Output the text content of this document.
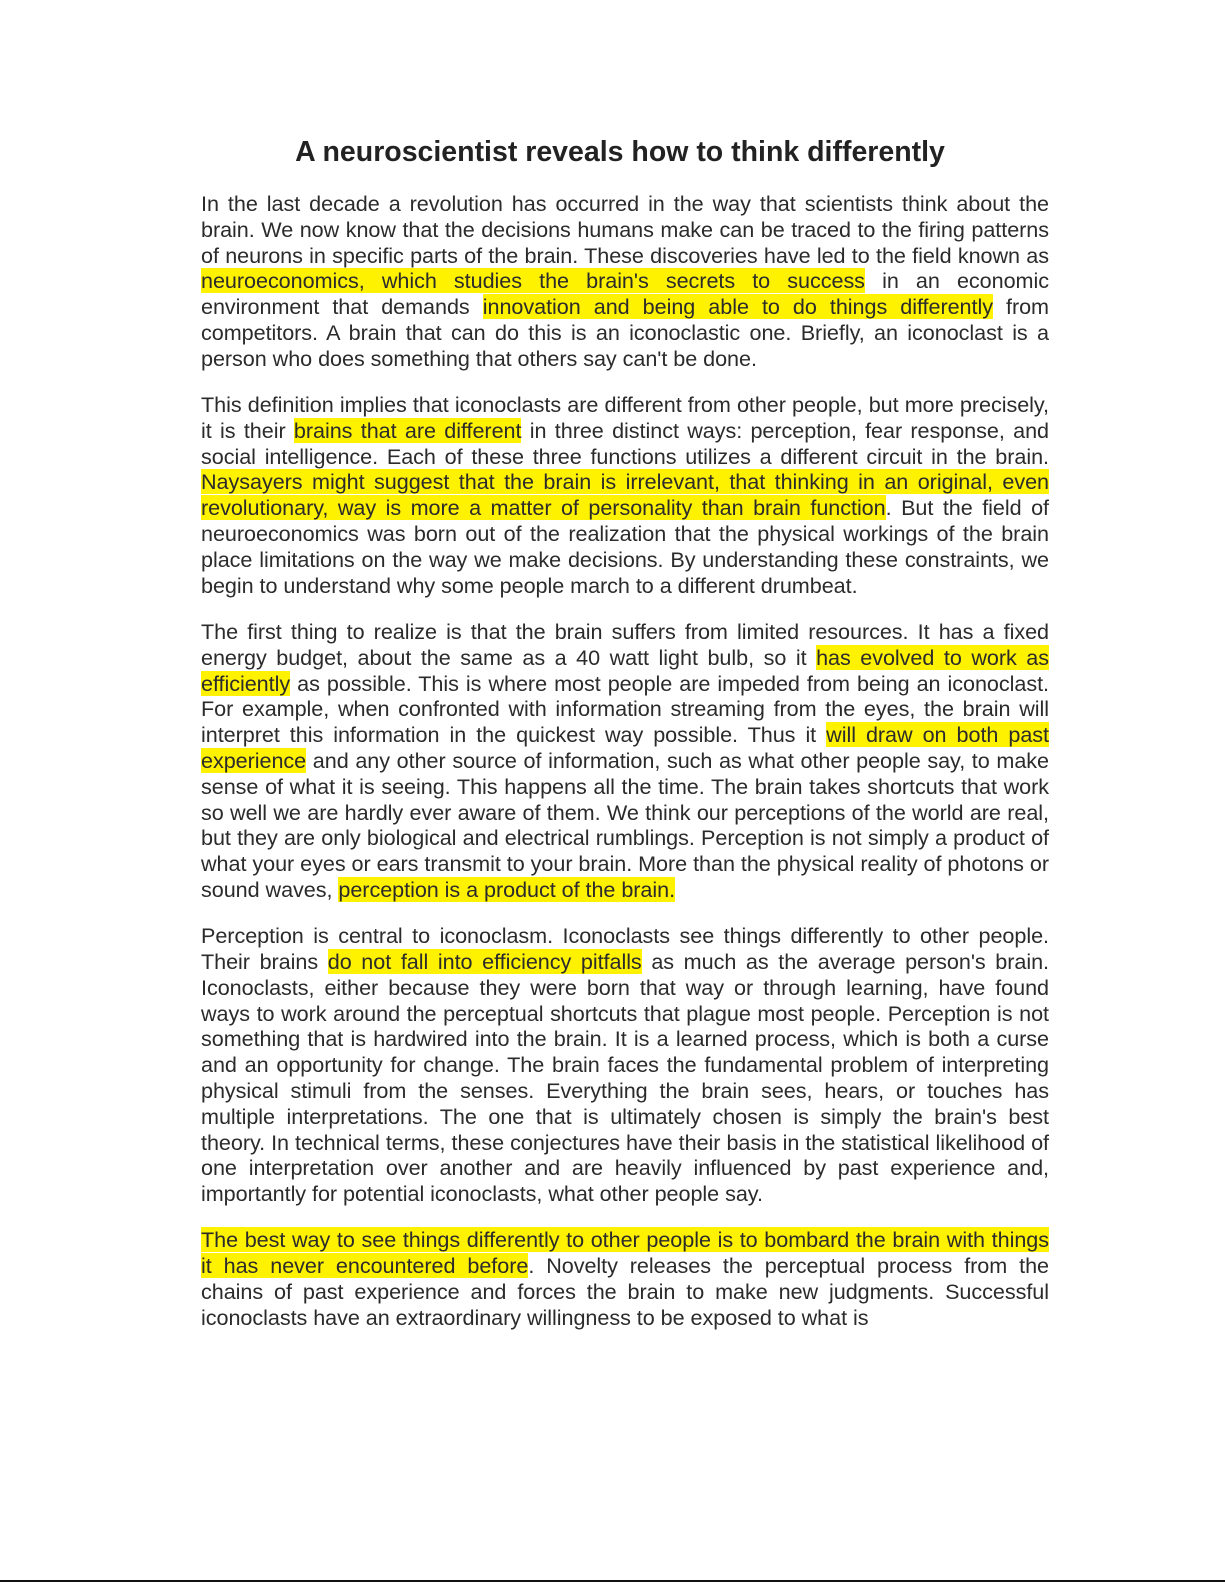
A neuroscientist reveals how to think differently

In the last decade a revolution has occurred in the way that scientists think about the brain. We now know that the decisions humans make can be traced to the firing patterns of neurons in specific parts of the brain. These discoveries have led to the field known as neuroeconomics, which studies the brain's secrets to success in an economic environment that demands innovation and being able to do things differently from competitors. A brain that can do this is an iconoclastic one. Briefly, an iconoclast is a person who does something that others say can't be done.

This definition implies that iconoclasts are different from other people, but more precisely, it is their brains that are different in three distinct ways: perception, fear response, and social intelligence. Each of these three functions utilizes a different circuit in the brain. Naysayers might suggest that the brain is irrelevant, that thinking in an original, even revolutionary, way is more a matter of personality than brain function. But the field of neuroeconomics was born out of the realization that the physical workings of the brain place limitations on the way we make decisions. By understanding these constraints, we begin to understand why some people march to a different drumbeat.

The first thing to realize is that the brain suffers from limited resources. It has a fixed energy budget, about the same as a 40 watt light bulb, so it has evolved to work as efficiently as possible. This is where most people are impeded from being an iconoclast. For example, when confronted with information streaming from the eyes, the brain will interpret this information in the quickest way possible. Thus it will draw on both past experience and any other source of information, such as what other people say, to make sense of what it is seeing. This happens all the time. The brain takes shortcuts that work so well we are hardly ever aware of them. We think our perceptions of the world are real, but they are only biological and electrical rumblings. Perception is not simply a product of what your eyes or ears transmit to your brain. More than the physical reality of photons or sound waves, perception is a product of the brain.

Perception is central to iconoclasm. Iconoclasts see things differently to other people. Their brains do not fall into efficiency pitfalls as much as the average person's brain. Iconoclasts, either because they were born that way or through learning, have found ways to work around the perceptual shortcuts that plague most people. Perception is not something that is hardwired into the brain. It is a learned process, which is both a curse and an opportunity for change. The brain faces the fundamental problem of interpreting physical stimuli from the senses. Everything the brain sees, hears, or touches has multiple interpretations. The one that is ultimately chosen is simply the brain's best theory. In technical terms, these conjectures have their basis in the statistical likelihood of one interpretation over another and are heavily influenced by past experience and, importantly for potential iconoclasts, what other people say.

The best way to see things differently to other people is to bombard the brain with things it has never encountered before. Novelty releases the perceptual process from the chains of past experience and forces the brain to make new judgments. Successful iconoclasts have an extraordinary willingness to be exposed to what is
